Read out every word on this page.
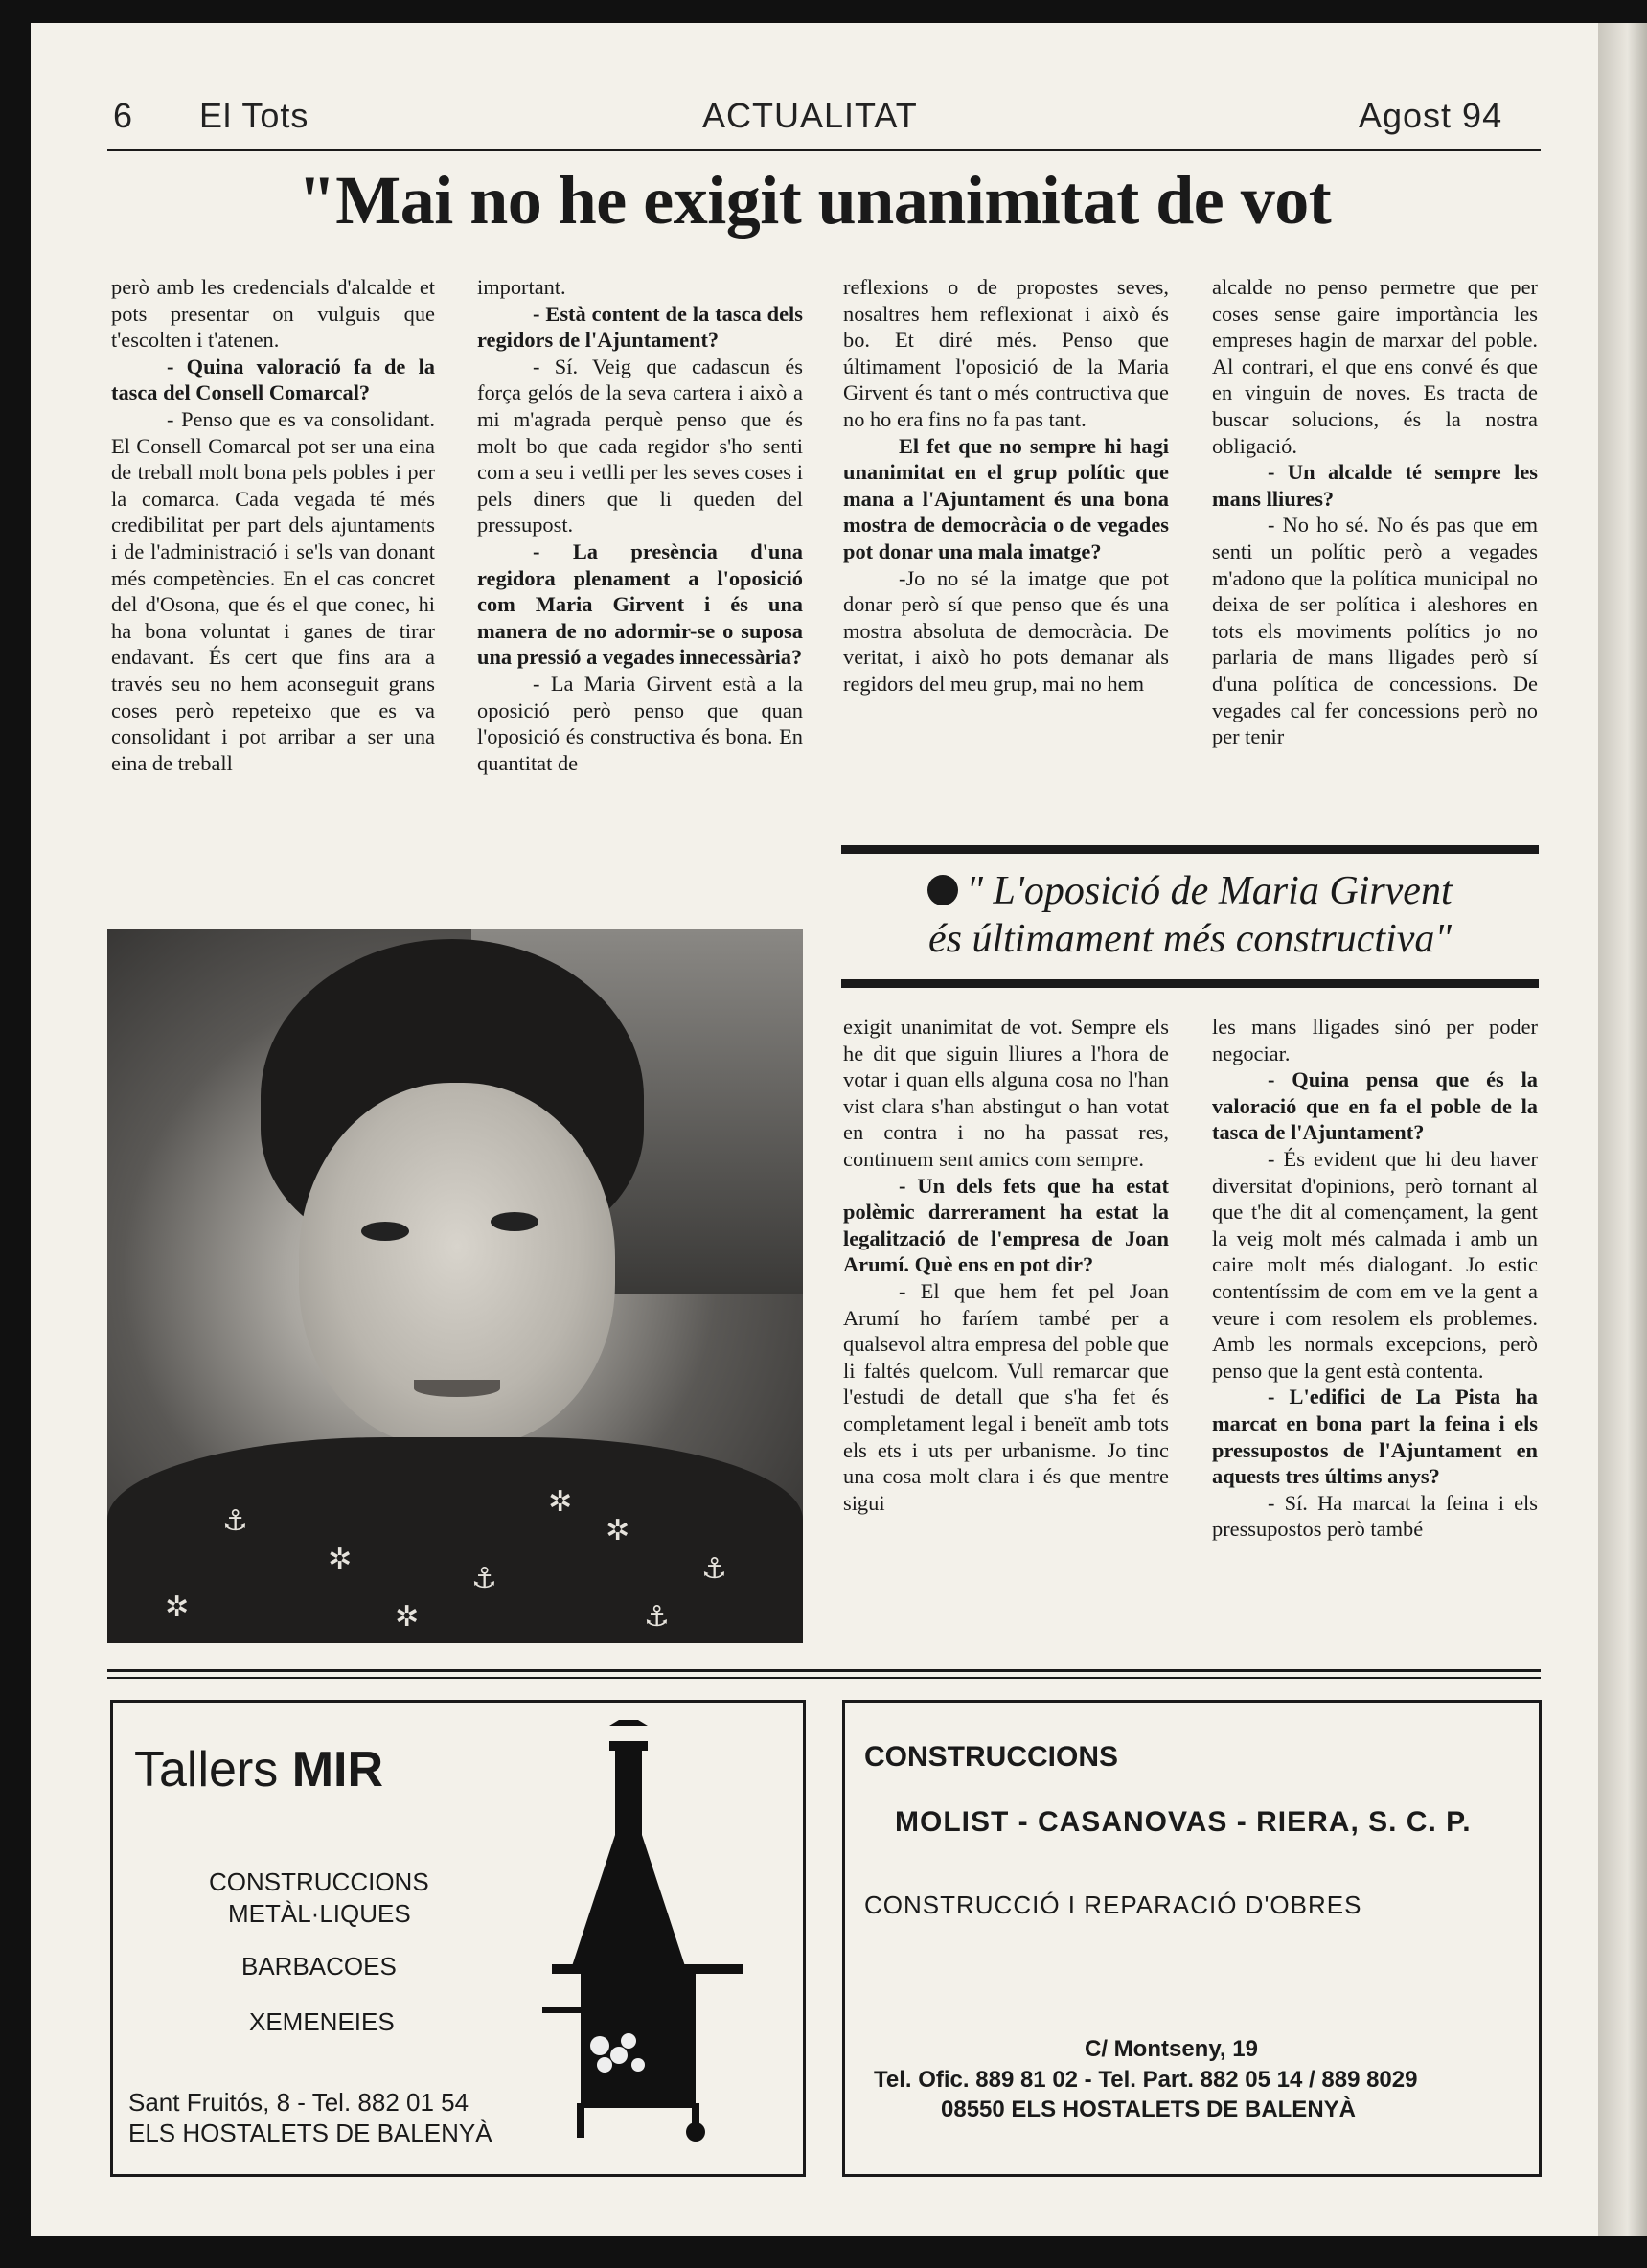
6 El Tots	ACTUALITAT	Agost 94
"Mai no he exigit unanimitat de vot

però amb les credencials d'alcalde et pots presentar on vulguis que t'escolten i t'atenen.

- Quina valoració fa de la tasca del Consell Comarcal?

- Penso que es va consolidant. El Consell Comarcal pot ser una eina de treball molt bona pels pobles i per la comarca. Cada vegada té més credibilitat per part dels ajuntaments i de l'administració i se'ls van donant més competències. En el cas concret del d'Osona, que és el que conec, hi ha bona voluntat i ganes de tirar endavant. És cert que fins ara a través seu no hem aconseguit grans coses però repeteixo que es va consolidant i pot arribar a ser una eina de treball

important.

- Està content de la tasca dels regidors de l'Ajuntament?

- Sí. Veig que cadascun és força gelós de la seva cartera i això a mi m'agrada perquè penso que és molt bo que cada regidor s'ho senti com a seu i vetlli per les seves coses i pels diners que li queden del pressupost.

- La presència d'una regidora plenament a l'oposició com Maria Girvent i és una manera de no adormir-se o suposa una pressió a vegades innecessària?

- La Maria Girvent està a la oposició però penso que quan l'oposició és constructiva és bona. En quantitat de

reflexions o de propostes seves, nosaltres hem reflexionat i això és bo. Et diré més. Penso que últimament l'oposició de la Maria Girvent és tant o més contructiva que no ho era fins no fa pas tant.

El fet que no sempre hi hagi unanimitat en el grup polític que mana a l'Ajuntament és una bona mostra de democràcia o de vegades pot donar una mala imatge?

-Jo no sé la imatge que pot donar però sí que penso que és una mostra absoluta de democràcia. De veritat, i això ho pots demanar als regidors del meu grup, mai no hem

alcalde no penso permetre que per coses sense gaire importància les empreses hagin de marxar del poble. Al contrari, el que ens convé és que en vinguin de noves. Es tracta de buscar solucions, és la nostra obligació.

- Un alcalde té sempre les mans lliures?

- No ho sé. No és pas que em senti un polític però a vegades m'adono que la política municipal no deixa de ser política i aleshores en tots els moviments polítics jo no parlaria de mans lligades però sí d'una política de concessions. De vegades cal fer concessions però no per tenir

" L'oposició de Maria Girvent
és últimament més constructiva"

exigit unanimitat de vot. Sempre els he dit que siguin lliures a l'hora de votar i quan ells alguna cosa no l'han vist clara s'han abstingut o han votat en contra i no ha passat res, continuem sent amics com sempre.

- Un dels fets que ha estat polèmic darrerament ha estat la legalització de l'empresa de Joan Arumí. Què ens en pot dir?

- El que hem fet pel Joan Arumí ho faríem també per a qualsevol altra empresa del poble que li faltés quelcom. Vull remarcar que l'estudi de detall que s'ha fet és completament legal i beneït amb tots els ets i uts per urbanisme. Jo tinc una cosa molt clara i és que mentre sigui

les mans lligades sinó per poder negociar.

- Quina pensa que és la valoració que en fa el poble de la tasca de l'Ajuntament?

- És evident que hi deu haver diversitat d'opinions, però tornant al que t'he dit al començament, la gent la veig molt més calmada i amb un caire molt més dialogant. Jo estic contentíssim de com em ve la gent a veure i com resolem els problemes. Amb les normals excepcions, però penso que la gent està contenta.

- L'edifici de La Pista ha marcat en bona part la feina i els pressupostos de l'Ajuntament en aquests tres últims anys?

- Sí. Ha marcat la feina i els pressupostos però també

⚓
✲
⚓
✲
⚓
✲	✲	⚓
✲
Tallers MIR
CONSTRUCCIONS
METÀL·LIQUES
BARBACOES
XEMENEIES
Sant Fruitós, 8 - Tel. 882 01 54
ELS HOSTALETS DE BALENYÀ
CONSTRUCCIONS
MOLIST - CASANOVAS - RIERA, S. C. P.
CONSTRUCCIÓ I REPARACIÓ D'OBRES
C/ Montseny, 19
Tel. Ofic. 889 81 02 - Tel. Part. 882 05 14 / 889 8029
08550 ELS HOSTALETS DE BALENYÀ
